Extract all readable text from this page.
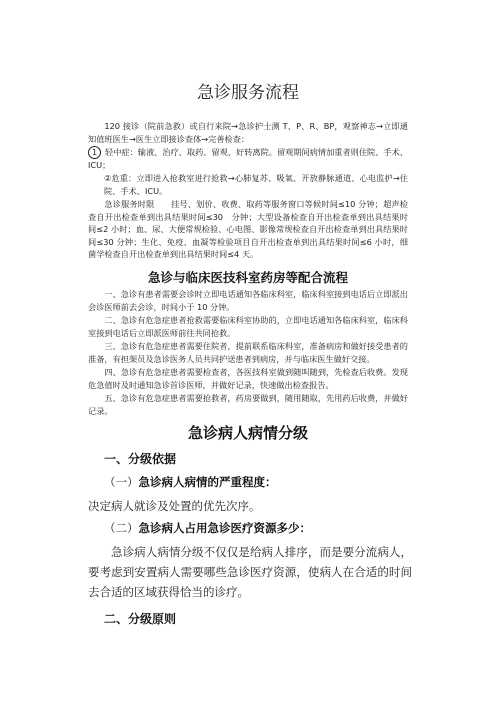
急诊服务流程
120 接诊（院前急救）或自行来院→急诊护士测 T、P、R、BP，观察神志→立即通知值班医生→医生立即接诊查体→完善检查：
1 轻中症：输液、治疗、取药、留观，好转离院。留观期间病情加重者则住院、手术、ICU；
②危重：立即进入抢救室进行抢救→心肺复苏、吸氧、开放静脉通道、心电监护→住院、手术、ICU。
急诊服务时限　　挂号、划价、收费、取药等服务窗口等候时间≤10 分钟；超声检查自开出检查单到出具结果时间≤30　分钟；大型设备检查自开出检查单到出具结果时间≤2 小时；血、尿、大便常规检验、心电图、影像常规检查自开出检查单到出具结果时间≤30 分钟；生化、免疫、血凝等检验项目自开出检查单到出具结果时间≤6 小时，细菌学检查自开出检查单到出具结果时间≤4 天。
急诊与临床医技科室药房等配合流程
一、急诊有患者需要会诊时立即电话通知各临床科室，临床科室接到电话后立即派出会诊医师前去会诊，时间小于 10 分钟。
二、急诊有危急症患者抢救需要临床科室协助的，立即电话通知各临床科室，临床科室接到电话后立即派医师前往共同抢救。
三、急诊有危急症患者需要住院者，提前联系临床科室，准备病房和做好接受患者的准备，有担架员及急诊医务人员共同护送患者到病房，并与临床医生做好交接。
四、急诊有危急症患者需要检查者，各医技科室做到随叫随到，先检查后收费。发现危急值时及时通知急诊首诊医师，并做好记录，快速做出检查报告。
五、急诊有危急症患者需要抢救者，药房要做到，随用随取，先用药后收费，并做好记录。
急诊病人病情分级
一、分级依据
（一）急诊病人病情的严重程度：
决定病人就诊及处置的优先次序。
（二）急诊病人占用急诊医疗资源多少：
急诊病人病情分级不仅仅是给病人排序，而是要分流病人，要考虑到安置病人需要哪些急诊医疗资源，使病人在合适的时间去合适的区域获得恰当的诊疗。
二、分级原则
